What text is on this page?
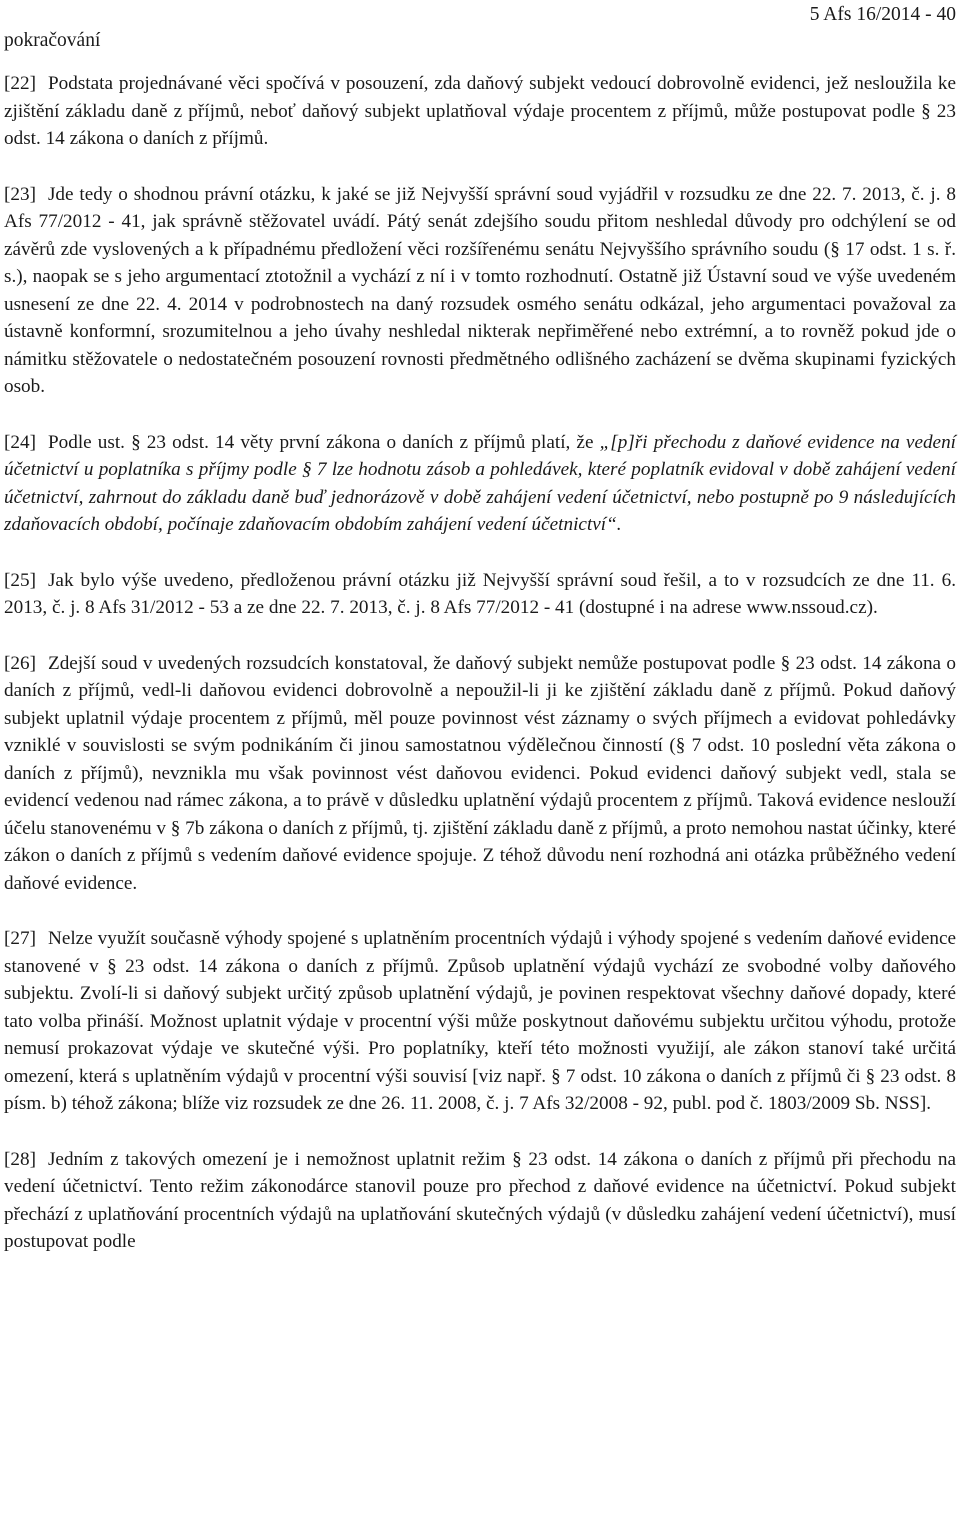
pokračování
5 Afs 16/2014 - 40

[22] Podstata projednávané věci spočívá v posouzení, zda daňový subjekt vedoucí dobrovolně evidenci, jež nesloužila ke zjištění základu daně z příjmů, neboť daňový subjekt uplatňoval výdaje procentem z příjmů, může postupovat podle § 23 odst. 14 zákona o daních z příjmů.

[23] Jde tedy o shodnou právní otázku, k jaké se již Nejvyšší správní soud vyjádřil v rozsudku ze dne 22. 7. 2013, č. j. 8 Afs 77/2012 - 41, jak správně stěžovatel uvádí. Pátý senát zdejšího soudu přitom neshledal důvody pro odchýlení se od závěrů zde vyslovených a k případnému předložení věci rozšířenému senátu Nejvyššího správního soudu (§ 17 odst. 1 s. ř. s.), naopak se s jeho argumentací ztotožnil a vychází z ní i v tomto rozhodnutí. Ostatně již Ústavní soud ve výše uvedeném usnesení ze dne 22. 4. 2014 v podrobnostech na daný rozsudek osmého senátu odkázal, jeho argumentaci považoval za ústavně konformní, srozumitelnou a jeho úvahy neshledal nikterak nepřiměřené nebo extrémní, a to rovněž pokud jde o námitku stěžovatele o nedostatečném posouzení rovnosti předmětného odlišného zacházení se dvěma skupinami fyzických osob.

[24] Podle ust. § 23 odst. 14 věty první zákona o daních z příjmů platí, že „[p]ři přechodu z daňové evidence na vedení účetnictví u poplatníka s příjmy podle § 7 lze hodnotu zásob a pohledávek, které poplatník evidoval v době zahájení vedení účetnictví, zahrnout do základu daně buď jednorázově v době zahájení vedení účetnictví, nebo postupně po 9 následujících zdaňovacích období, počínaje zdaňovacím obdobím zahájení vedení účetnictví“.

[25] Jak bylo výše uvedeno, předloženou právní otázku již Nejvyšší správní soud řešil, a to v rozsudcích ze dne 11. 6. 2013, č. j. 8 Afs 31/2012 - 53 a ze dne 22. 7. 2013, č. j. 8 Afs 77/2012 - 41 (dostupné i na adrese www.nssoud.cz).

[26] Zdejší soud v uvedených rozsudcích konstatoval, že daňový subjekt nemůže postupovat podle § 23 odst. 14 zákona o daních z příjmů, vedl-li daňovou evidenci dobrovolně a nepoužil-li ji ke zjištění základu daně z příjmů. Pokud daňový subjekt uplatnil výdaje procentem z příjmů, měl pouze povinnost vést záznamy o svých příjmech a evidovat pohledávky vzniklé v souvislosti se svým podnikáním či jinou samostatnou výdělečnou činností (§ 7 odst. 10 poslední věta zákona o daních z příjmů), nevznikla mu však povinnost vést daňovou evidenci. Pokud evidenci daňový subjekt vedl, stala se evidencí vedenou nad rámec zákona, a to právě v důsledku uplatnění výdajů procentem z příjmů. Taková evidence neslouží účelu stanovenému v § 7b zákona o daních z příjmů, tj. zjištění základu daně z příjmů, a proto nemohou nastat účinky, které zákon o daních z příjmů s vedením daňové evidence spojuje. Z téhož důvodu není rozhodná ani otázka průběžného vedení daňové evidence.

[27] Nelze využít současně výhody spojené s uplatněním procentních výdajů i výhody spojené s vedením daňové evidence stanovené v § 23 odst. 14 zákona o daních z příjmů. Způsob uplatnění výdajů vychází ze svobodné volby daňového subjektu. Zvolí-li si daňový subjekt určitý způsob uplatnění výdajů, je povinen respektovat všechny daňové dopady, které tato volba přináší. Možnost uplatnit výdaje v procentní výši může poskytnout daňovému subjektu určitou výhodu, protože nemusí prokazovat výdaje ve skutečné výši. Pro poplatníky, kteří této možnosti využijí, ale zákon stanoví také určitá omezení, která s uplatněním výdajů v procentní výši souvisí [viz např. § 7 odst. 10 zákona o daních z příjmů či § 23 odst. 8 písm. b) téhož zákona; blíže viz rozsudek ze dne 26. 11. 2008, č. j. 7 Afs 32/2008 - 92, publ. pod č. 1803/2009 Sb. NSS].

[28] Jedním z takových omezení je i nemožnost uplatnit režim § 23 odst. 14 zákona o daních z příjmů při přechodu na vedení účetnictví. Tento režim zákonodárce stanovil pouze pro přechod z daňové evidence na účetnictví. Pokud subjekt přechází z uplatňování procentních výdajů na uplatňování skutečných výdajů (v důsledku zahájení vedení účetnictví), musí postupovat podle
